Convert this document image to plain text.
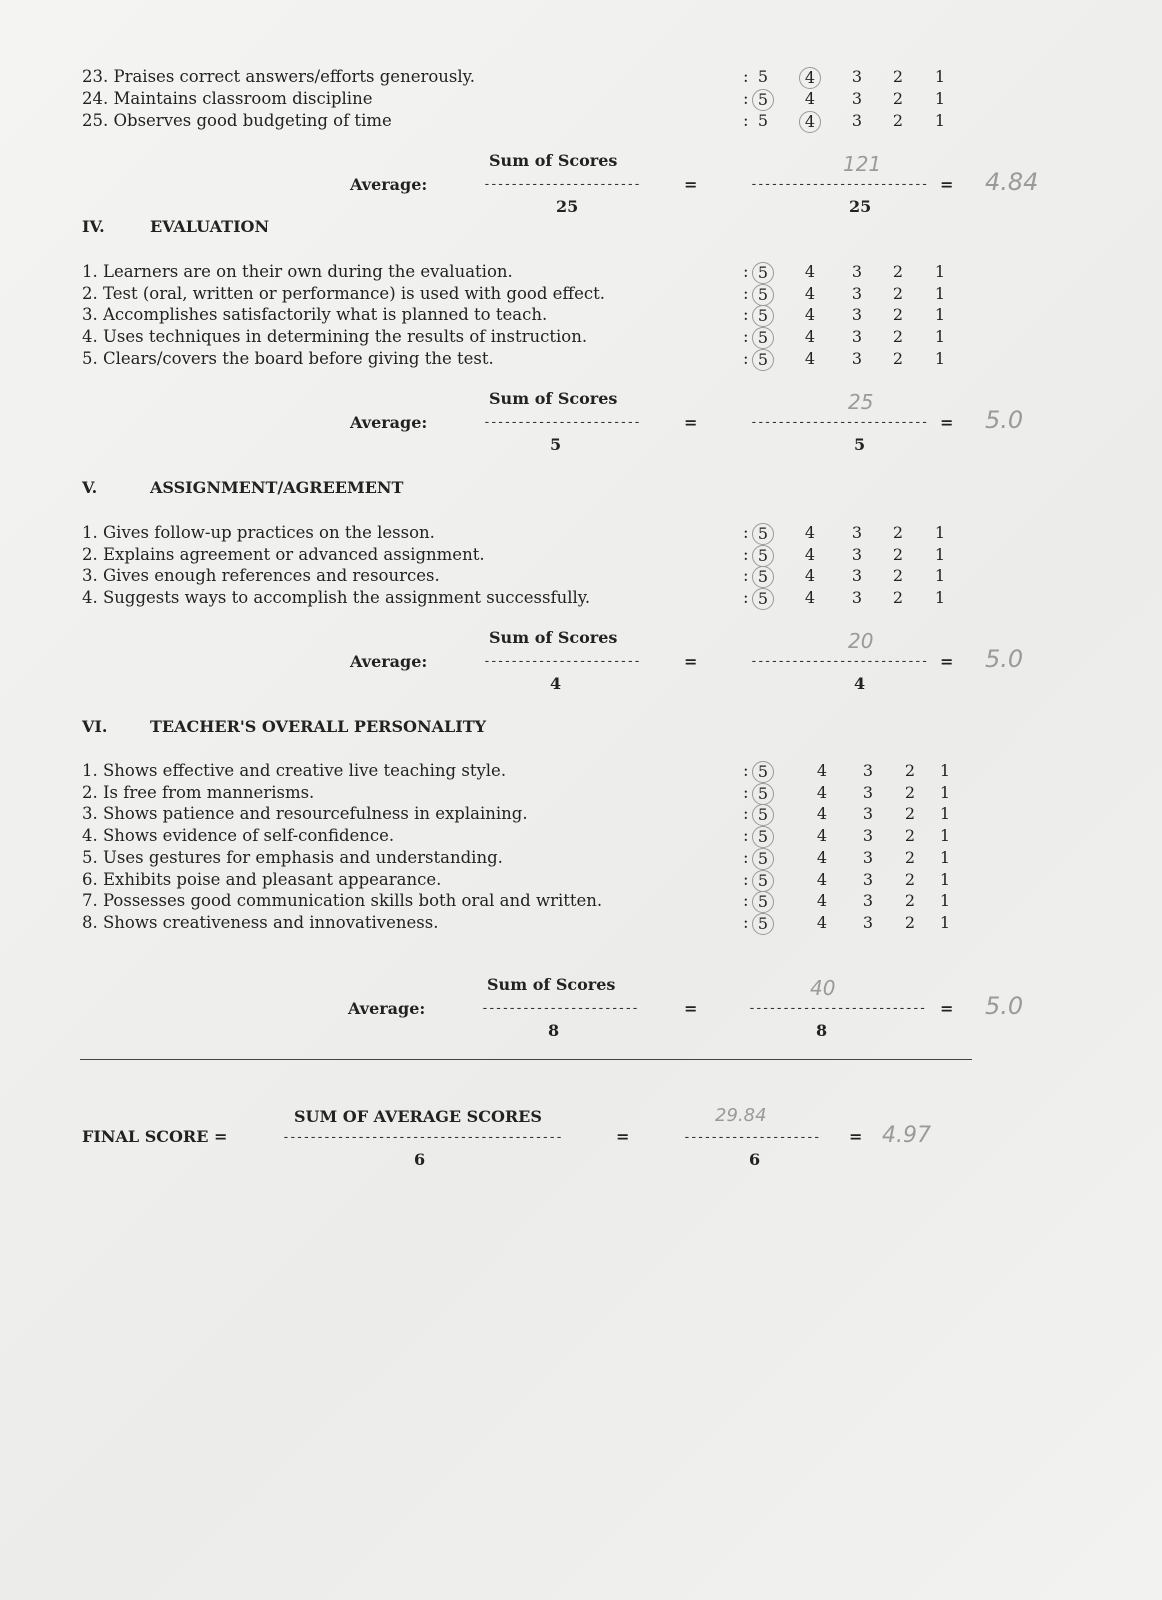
FINAL SCORE =
SUM OF AVERAGE SCORES
-----------------------------------------
6
=
29.84
--------------------
6
= 4.97
23. Praises correct answers/efforts generously.	: 5	4	3	2	1
24. Maintains classroom discipline	: 5	4	3	2	1
25. Observes good budgeting of time	: 5	4	3	2	1
Sum of Scores
Average:	-----------------------
25
=	--------------------------
25
=
121
4.84
IV.	EVALUATION
1. Learners are on their own during the evaluation.	: 5	4	3	2	1
2. Test (oral, written or performance) is used with good effect.	: 5	4	3	2	1
3. Accomplishes satisfactorily what is planned to teach.	: 5	4	3	2	1
4. Uses techniques in determining the results of instruction.	: 5	4	3	2	1
5. Clears/covers the board before giving the test.	: 5	4	3	2	1
Sum of Scores
Average:	-----------------------
5
=	--------------------------
5
=
25
5.0
V.	ASSIGNMENT/AGREEMENT
1. Gives follow-up practices on the lesson.	: 5	4	3	2	1
2. Explains agreement or advanced assignment.	: 5	4	3	2	1
3. Gives enough references and resources.	: 5	4	3	2	1
4. Suggests ways to accomplish the assignment successfully.	: 5	4	3	2	1
Sum of Scores
Average:	-----------------------
4
=	--------------------------
4
=
20
5.0
VI.	TEACHER'S OVERALL PERSONALITY
1. Shows effective and creative live teaching style.	: 5	4	3	2	1
2. Is free from mannerisms.	: 5	4	3	2	1
3. Shows patience and resourcefulness in explaining.	: 5	4	3	2	1
4. Shows evidence of self-confidence.	: 5	4	3	2	1
5. Uses gestures for emphasis and understanding.	: 5	4	3	2	1
6. Exhibits poise and pleasant appearance.	: 5	4	3	2	1
7. Possesses good communication skills both oral and written.	: 5	4	3	2	1
8. Shows creativeness and innovativeness.	: 5	4	3	2	1
Sum of Scores
Average:	-----------------------
8
=	--------------------------
8
=
40
5.0
